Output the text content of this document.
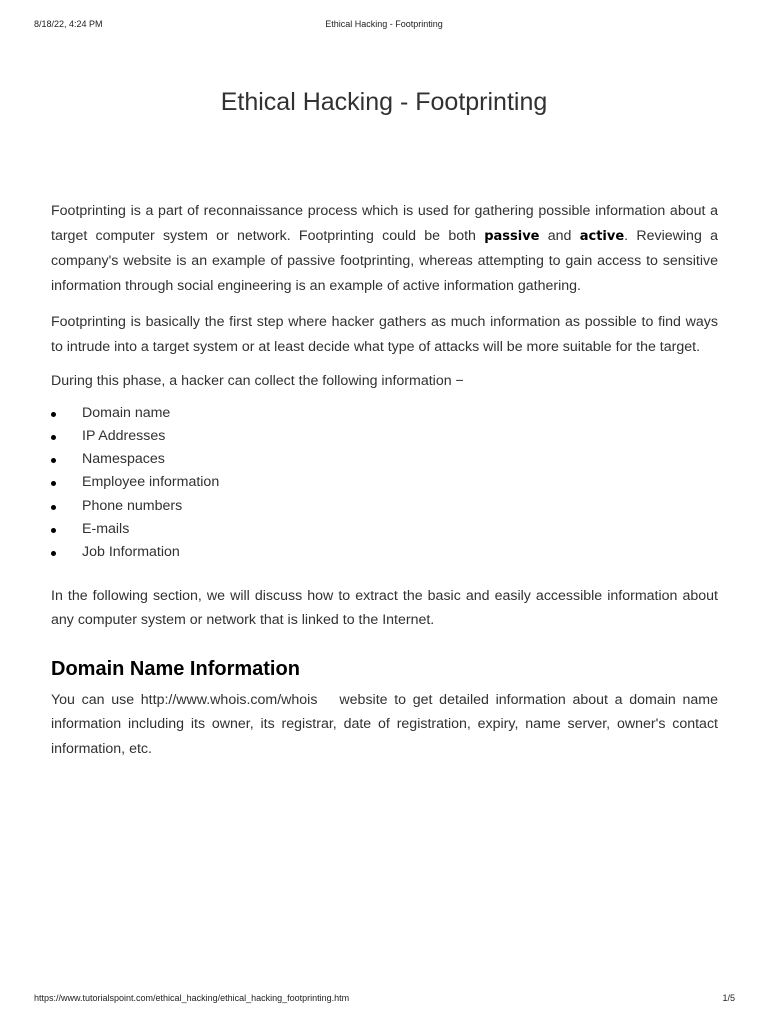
8/18/22, 4:24 PM	Ethical Hacking - Footprinting
Ethical Hacking - Footprinting

Footprinting is a part of reconnaissance process which is used for gathering possible information about a target computer system or network. Footprinting could be both passive and active. Reviewing a company's website is an example of passive footprinting, whereas attempting to gain access to sensitive information through social engineering is an example of active information gathering.

Footprinting is basically the first step where hacker gathers as much information as possible to find ways to intrude into a target system or at least decide what type of attacks will be more suitable for the target.

During this phase, a hacker can collect the following information −

Domain name
IP Addresses
Namespaces
Employee information
Phone numbers
E-mails
Job Information

In the following section, we will discuss how to extract the basic and easily accessible information about any computer system or network that is linked to the Internet.

Domain Name Information

You can use http://www.whois.com/whois website to get detailed information about a domain name information including its owner, its registrar, date of registration, expiry, name server, owner's contact information, etc.

https://www.tutorialspoint.com/ethical_hacking/ethical_hacking_footprinting.htm	1/5
